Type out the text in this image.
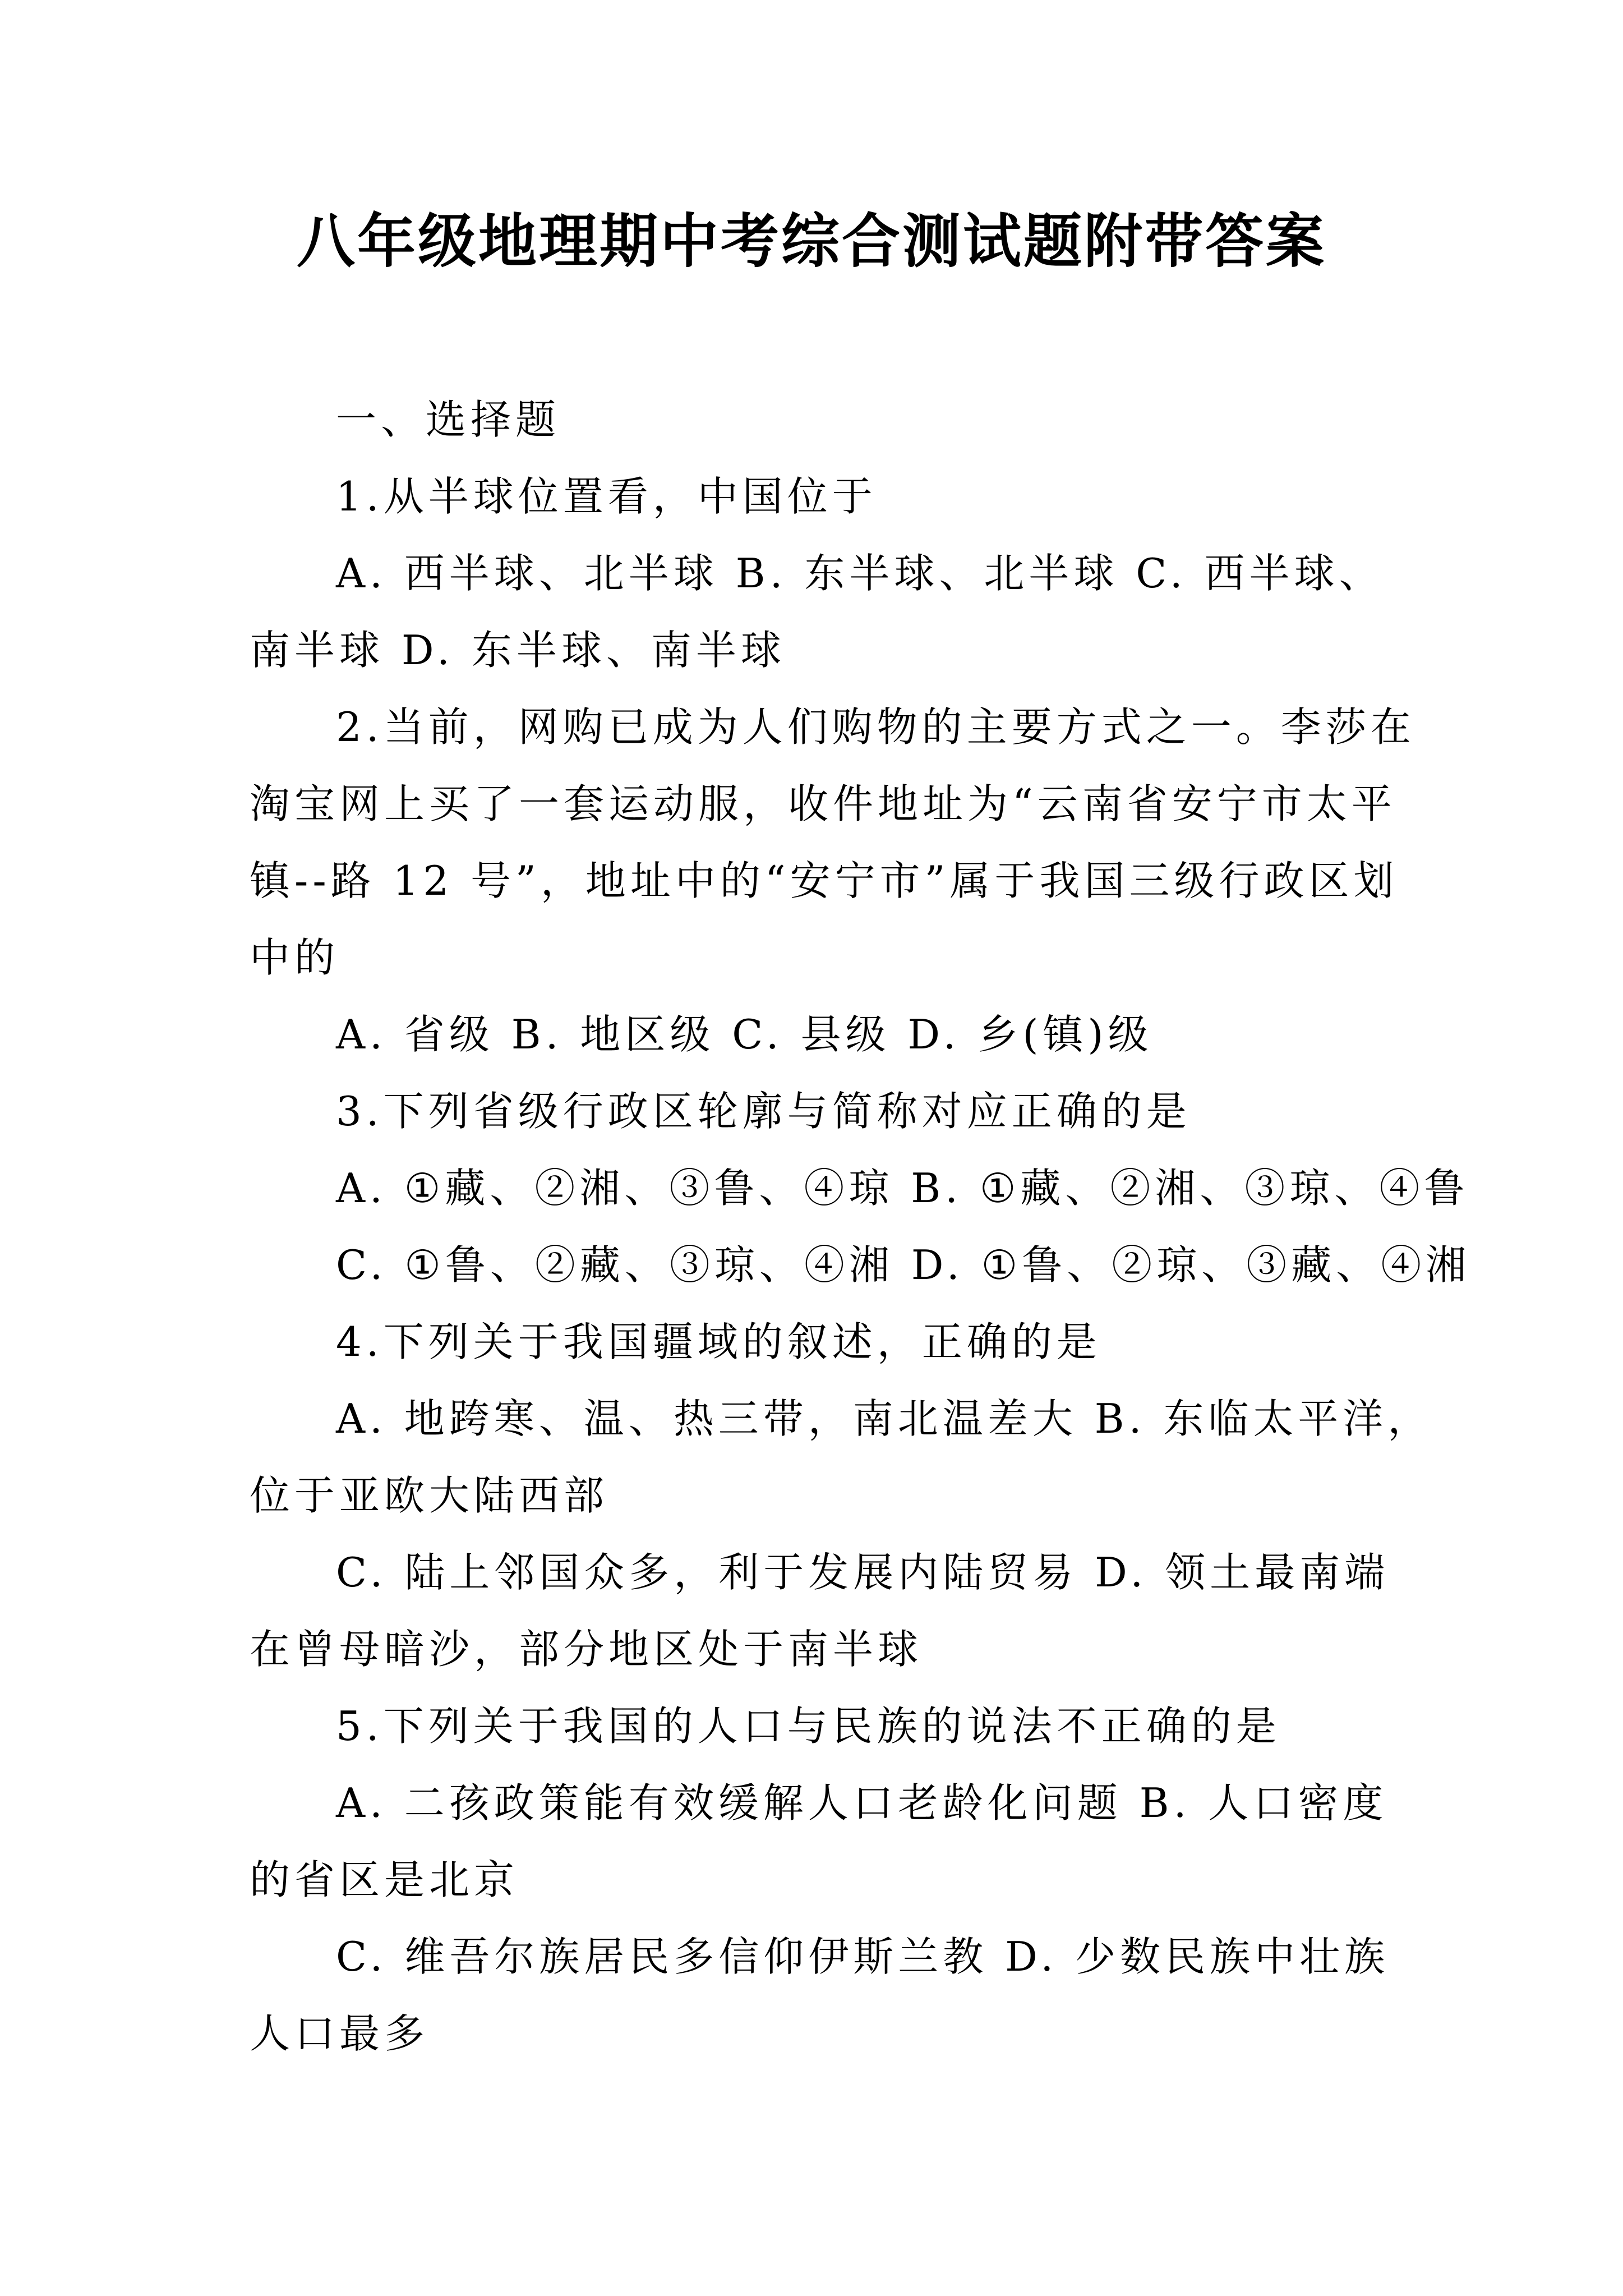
八年级地理期中考综合测试题附带答案

一、选择题

1.从半球位置看，中国位于

A. 西半球、北半球 B. 东半球、北半球 C. 西半球、
南半球 D. 东半球、南半球

2.当前，网购已成为人们购物的主要方式之一。李莎在
淘宝网上买了一套运动服，收件地址为“云南省安宁市太平
镇--路 12 号”，地址中的“安宁市”属于我国三级行政区划
中的

A. 省级 B. 地区级 C. 县级 D. 乡(镇)级

3.下列省级行政区轮廓与简称对应正确的是

A. ①藏、②湘、③鲁、④琼 B. ①藏、②湘、③琼、④鲁

C. ①鲁、②藏、③琼、④湘 D. ①鲁、②琼、③藏、④湘

4.下列关于我国疆域的叙述，正确的是

A. 地跨寒、温、热三带，南北温差大 B. 东临太平洋，
位于亚欧大陆西部

C. 陆上邻国众多，利于发展内陆贸易 D. 领土最南端
在曾母暗沙，部分地区处于南半球

5.下列关于我国的人口与民族的说法不正确的是

A. 二孩政策能有效缓解人口老龄化问题 B. 人口密度
的省区是北京

C. 维吾尔族居民多信仰伊斯兰教 D. 少数民族中壮族
人口最多
